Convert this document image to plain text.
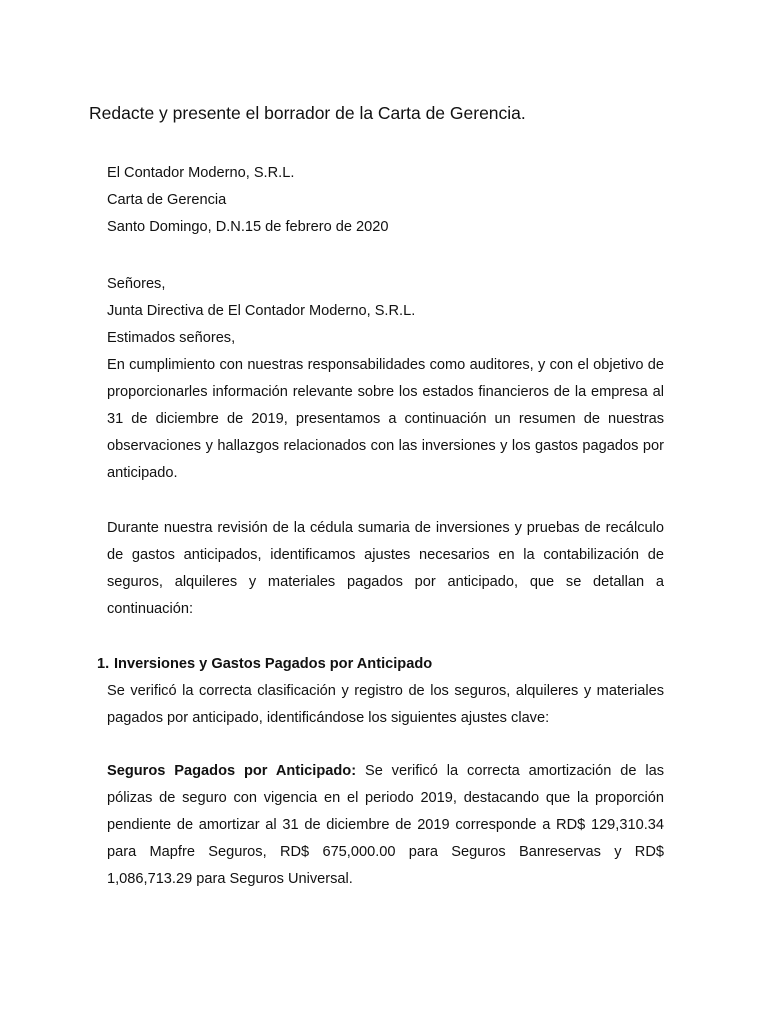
Redacte y presente el borrador de la Carta de Gerencia.
El Contador Moderno, S.R.L.
Carta de Gerencia
Santo Domingo, D.N.15 de febrero de 2020
Señores,
Junta Directiva de El Contador Moderno, S.R.L.
Estimados señores,
En cumplimiento con nuestras responsabilidades como auditores, y con el objetivo de proporcionarles información relevante sobre los estados financieros de la empresa al 31 de diciembre de 2019, presentamos a continuación un resumen de nuestras observaciones y hallazgos relacionados con las inversiones y los gastos pagados por anticipado.
Durante nuestra revisión de la cédula sumaria de inversiones y pruebas de recálculo de gastos anticipados, identificamos ajustes necesarios en la contabilización de seguros, alquileres y materiales pagados por anticipado, que se detallan a continuación:
1. Inversiones y Gastos Pagados por Anticipado
Se verificó la correcta clasificación y registro de los seguros, alquileres y materiales pagados por anticipado, identificándose los siguientes ajustes clave:
Seguros Pagados por Anticipado: Se verificó la correcta amortización de las pólizas de seguro con vigencia en el periodo 2019, destacando que la proporción pendiente de amortizar al 31 de diciembre de 2019 corresponde a RD$ 129,310.34 para Mapfre Seguros, RD$ 675,000.00 para Seguros Banreservas y RD$ 1,086,713.29 para Seguros Universal.
